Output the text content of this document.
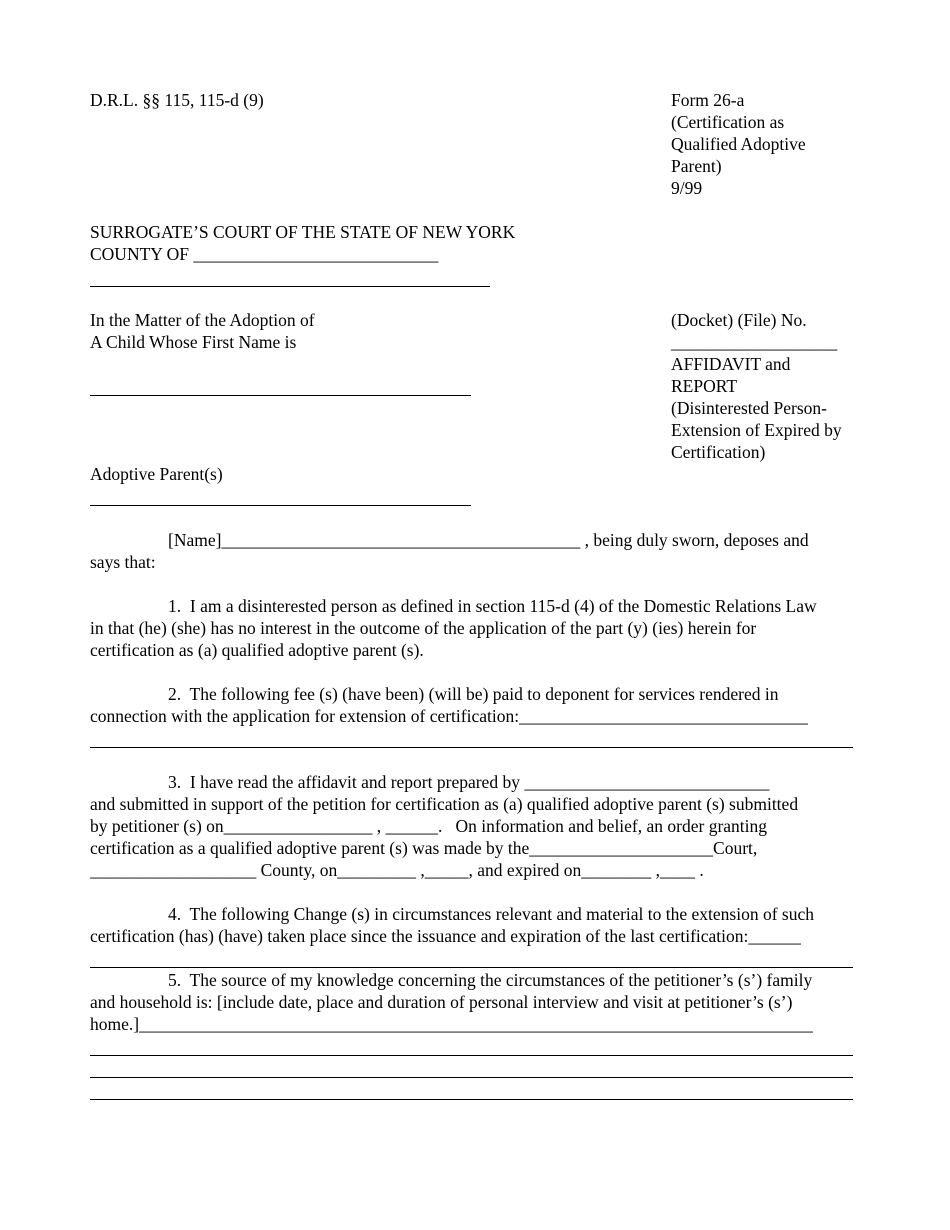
D.R.L. §§ 115, 115-d (9)	Form 26-a
(Certification as
Qualified Adoptive
Parent)
9/99
SURROGATE’S COURT OF THE STATE OF NEW YORK
COUNTY OF ____________________________
In the Matter of the Adoption of
A Child Whose First Name is
(Docket) (File) No.
___________________
AFFIDAVIT and
REPORT
(Disinterested Person-
Extension of Expired by
Certification)
Adoptive Parent(s)
[Name]_________________________________________ , being duly sworn, deposes and
says that:
1.  I am a disinterested person as defined in section 115-d (4) of the Domestic Relations Law
in that (he) (she) has no interest in the outcome of the application of the part (y) (ies) herein for
certification as (a) qualified adoptive parent (s).
2.  The following fee (s) (have been) (will be) paid to deponent for services rendered in
connection with the application for extension of certification:_________________________________
3.  I have read the affidavit and report prepared by ____________________________
and submitted in support of the petition for certification as (a) qualified adoptive parent (s) submitted
by petitioner (s) on_________________ , ______.   On information and belief, an order granting
certification as a qualified adoptive parent (s) was made by the_____________________Court,
___________________ County, on_________ ,_____, and expired on________ ,____ .
4.  The following Change (s) in circumstances relevant and material to the extension of such
certification (has) (have) taken place since the issuance and expiration of the last certification:______
5.  The source of my knowledge concerning the circumstances of the petitioner’s (s’) family
and household is: [include date, place and duration of personal interview and visit at petitioner’s (s’)
home.]_____________________________________________________________________________
